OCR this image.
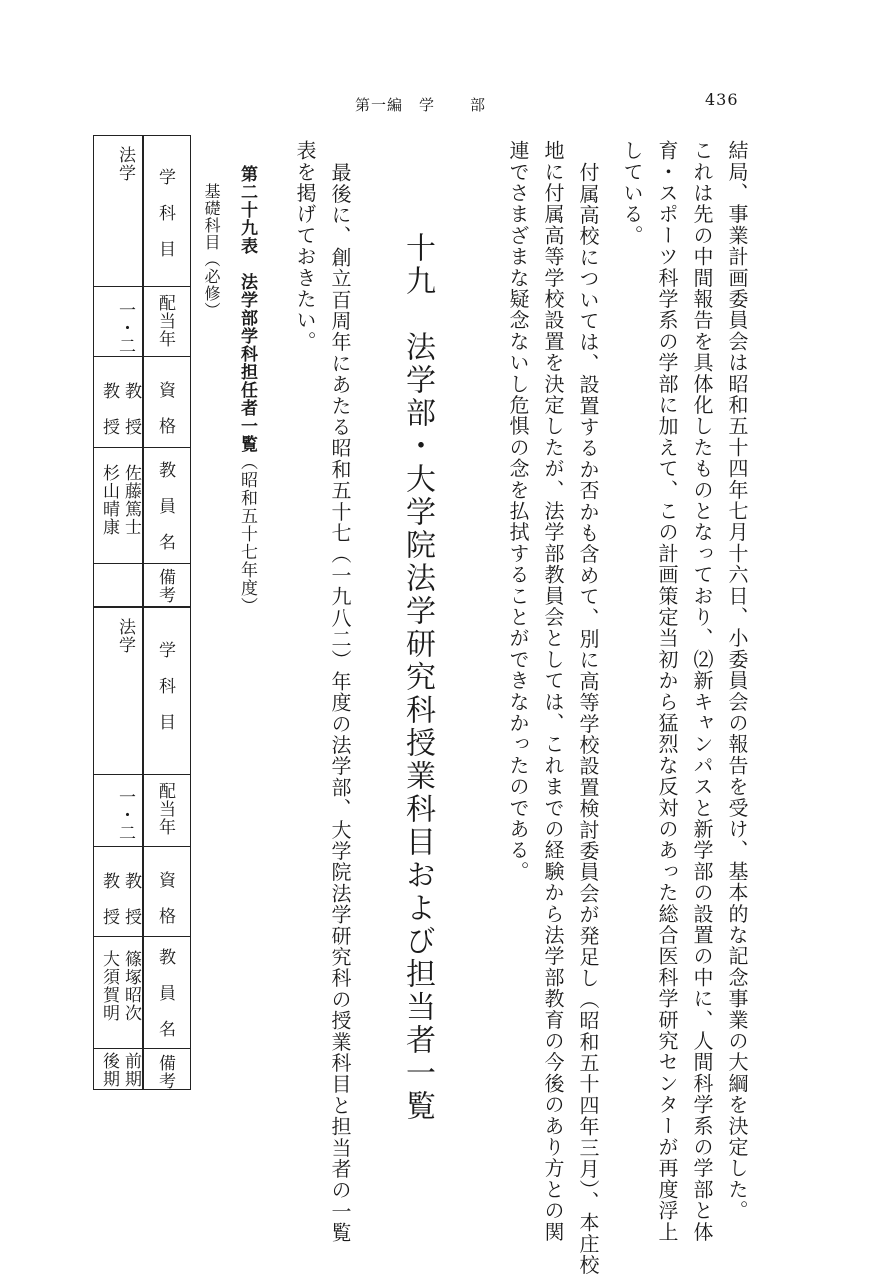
第一編　学 部	436
結局、事業計画委員会は昭和五十四年七月十六日、小委員会の報告を受け、基本的な記念事業の大綱を決定した。
これは先の中間報告を具体化したものとなっており、⑵新キャンパスと新学部の設置の中に、人間科学系の学部と体
育・スポーツ科学系の学部に加えて、この計画策定当初から猛烈な反対のあった総合医科学研究センターが再度浮上
している。
付属高校については、設置するか否かも含めて、別に高等学校設置検討委員会が発足し（昭和五十四年三月）、本庄校
地に付属高等学校設置を決定したが、法学部教員会としては、これまでの経験から法学部教育の今後のあり方との関
連でさまざまな疑念ないし危惧の念を払拭することができなかったのである。
十九　法学部・大学院法学研究科授業科目および担当者一覧
最後に、創立百周年にあたる昭和五十七（一九八二）年度の法学部、大学院法学研究科の授業科目と担当者の一覧
表を掲げておきたい。
第二十九表　法学部学科担任者一覧（昭和五十七年度）
基礎科目（必修）
学　科　目
配当年
資　格
教　員　名
備考
法学
一・二
教　授
教　授
佐藤篤士
杉山晴康
学　科　目
配当年
資　格
教　員　名
備考
法学
一・二
教　授
教　授
篠塚昭次
大須賀明
前期
後期
